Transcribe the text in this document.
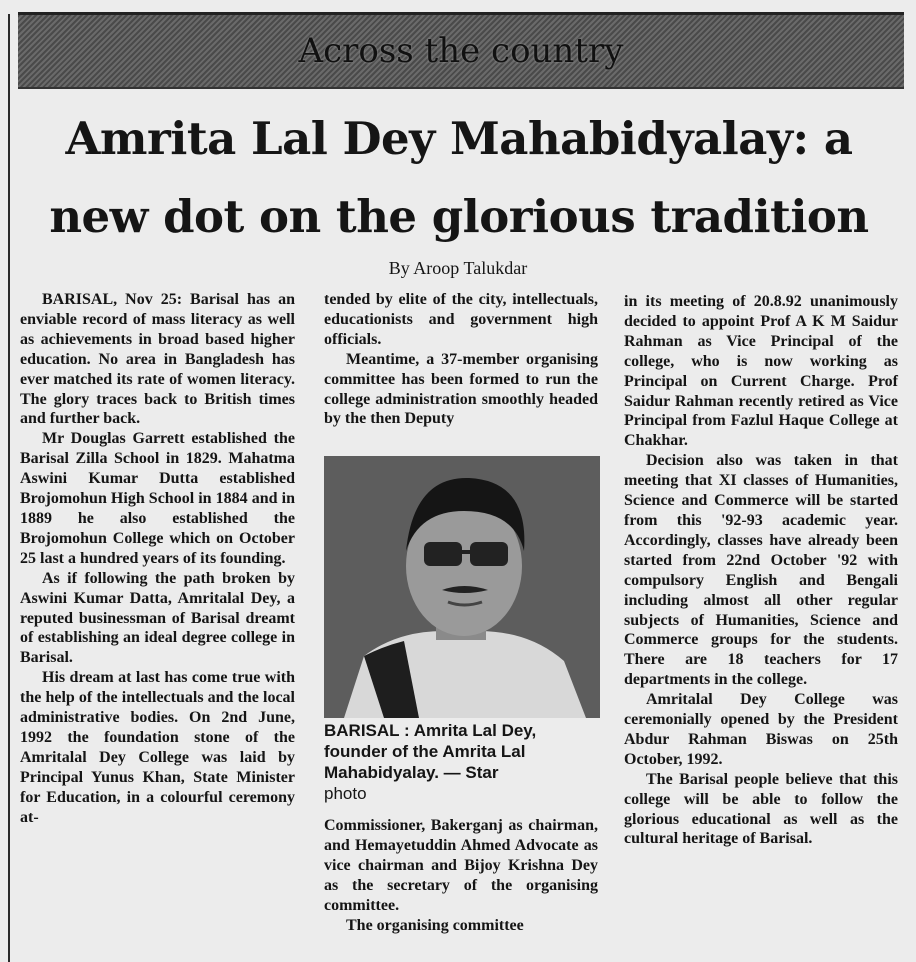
Across the country
Amrita Lal Dey Mahabidyalay: a
new dot on the glorious tradition
By Aroop Talukdar

BARISAL, Nov 25: Barisal has an enviable record of mass literacy as well as achievements in broad based higher education. No area in Bangladesh has ever matched its rate of women literacy. The glory traces back to British times and further back.

Mr Douglas Garrett established the Barisal Zilla School in 1829. Mahatma Aswini Kumar Dutta established Brojomohun High School in 1884 and in 1889 he also established the Brojomohun College which on October 25 last a hundred years of its founding.

As if following the path broken by Aswini Kumar Datta, Amritalal Dey, a reputed businessman of Barisal dreamt of establishing an ideal degree college in Barisal.

His dream at last has come true with the help of the intellectuals and the local administrative bodies. On 2nd June, 1992 the foundation stone of the Amritalal Dey College was laid by Principal Yunus Khan, State Minister for Education, in a colourful ceremony at-

tended by elite of the city, intellectuals, educationists and government high officials.

Meantime, a 37-member organising committee has been formed to run the college administration smoothly headed by the then Deputy

BARISAL : Amrita Lal Dey, founder of the Amrita Lal Mahabidyalay. — Star
photo

Commissioner, Bakerganj as chairman, and Hemayetuddin Ahmed Advocate as vice chairman and Bijoy Krishna Dey as the secretary of the organising committee.

The organising committee

in its meeting of 20.8.92 unanimously decided to appoint Prof A K M Saidur Rahman as Vice Principal of the college, who is now working as Principal on Current Charge. Prof Saidur Rahman recently retired as Vice Principal from Fazlul Haque College at Chakhar.

Decision also was taken in that meeting that XI classes of Humanities, Science and Commerce will be started from this '92-93 academic year. Accordingly, classes have already been started from 22nd October '92 with compulsory English and Bengali including almost all other regular subjects of Humanities, Science and Commerce groups for the students. There are 18 teachers for 17 departments in the college.

Amritalal Dey College was ceremonially opened by the President Abdur Rahman Biswas on 25th October, 1992.

The Barisal people believe that this college will be able to follow the glorious educational as well as the cultural heritage of Barisal.
